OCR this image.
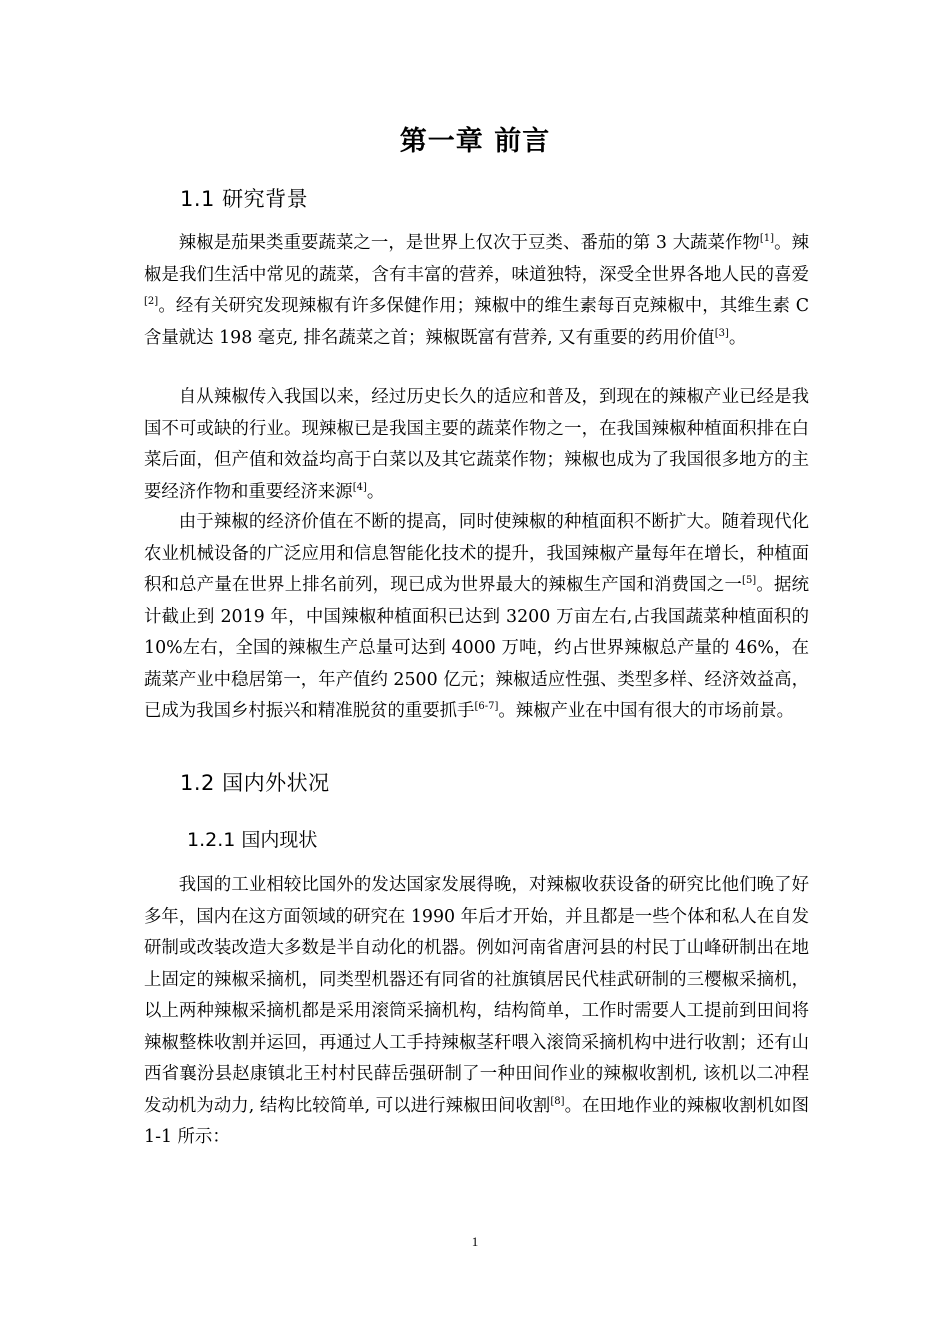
第一章 前言
1.1 研究背景

辣椒是茄果类重要蔬菜之一，是世界上仅次于豆类、番茄的第 3 大蔬菜作物[1]。辣椒是我们生活中常见的蔬菜，含有丰富的营养，味道独特，深受全世界各地人民的喜爱[2]。经有关研究发现辣椒有许多保健作用；辣椒中的维生素每百克辣椒中，其维生素 C 含量就达 198 毫克, 排名蔬菜之首；辣椒既富有营养, 又有重要的药用价值[3]。

自从辣椒传入我国以来，经过历史长久的适应和普及，到现在的辣椒产业已经是我国不可或缺的行业。现辣椒已是我国主要的蔬菜作物之一，在我国辣椒种植面积排在白菜后面，但产值和效益均高于白菜以及其它蔬菜作物；辣椒也成为了我国很多地方的主要经济作物和重要经济来源[4]。

由于辣椒的经济价值在不断的提高，同时使辣椒的种植面积不断扩大。随着现代化农业机械设备的广泛应用和信息智能化技术的提升，我国辣椒产量每年在增长，种植面积和总产量在世界上排名前列，现已成为世界最大的辣椒生产国和消费国之一[5]。据统计截止到 2019 年，中国辣椒种植面积已达到 3200 万亩左右,占我国蔬菜种植面积的 10%左右，全国的辣椒生产总量可达到 4000 万吨，约占世界辣椒总产量的 46%，在蔬菜产业中稳居第一，年产值约 2500 亿元；辣椒适应性强、类型多样、经济效益高，已成为我国乡村振兴和精准脱贫的重要抓手[6-7]。辣椒产业在中国有很大的市场前景。

1.2 国内外状况
1.2.1 国内现状

我国的工业相较比国外的发达国家发展得晚，对辣椒收获设备的研究比他们晚了好多年，国内在这方面领域的研究在 1990 年后才开始，并且都是一些个体和私人在自发研制或改装改造大多数是半自动化的机器。例如河南省唐河县的村民丁山峰研制出在地上固定的辣椒采摘机，同类型机器还有同省的社旗镇居民代桂武研制的三樱椒采摘机，以上两种辣椒采摘机都是采用滚筒采摘机构，结构简单，工作时需要人工提前到田间将辣椒整株收割并运回，再通过人工手持辣椒茎秆喂入滚筒采摘机构中进行收割；还有山西省襄汾县赵康镇北王村村民薛岳强研制了一种田间作业的辣椒收割机, 该机以二冲程发动机为动力, 结构比较简单, 可以进行辣椒田间收割[8]。在田地作业的辣椒收割机如图 1-1 所示：

1
